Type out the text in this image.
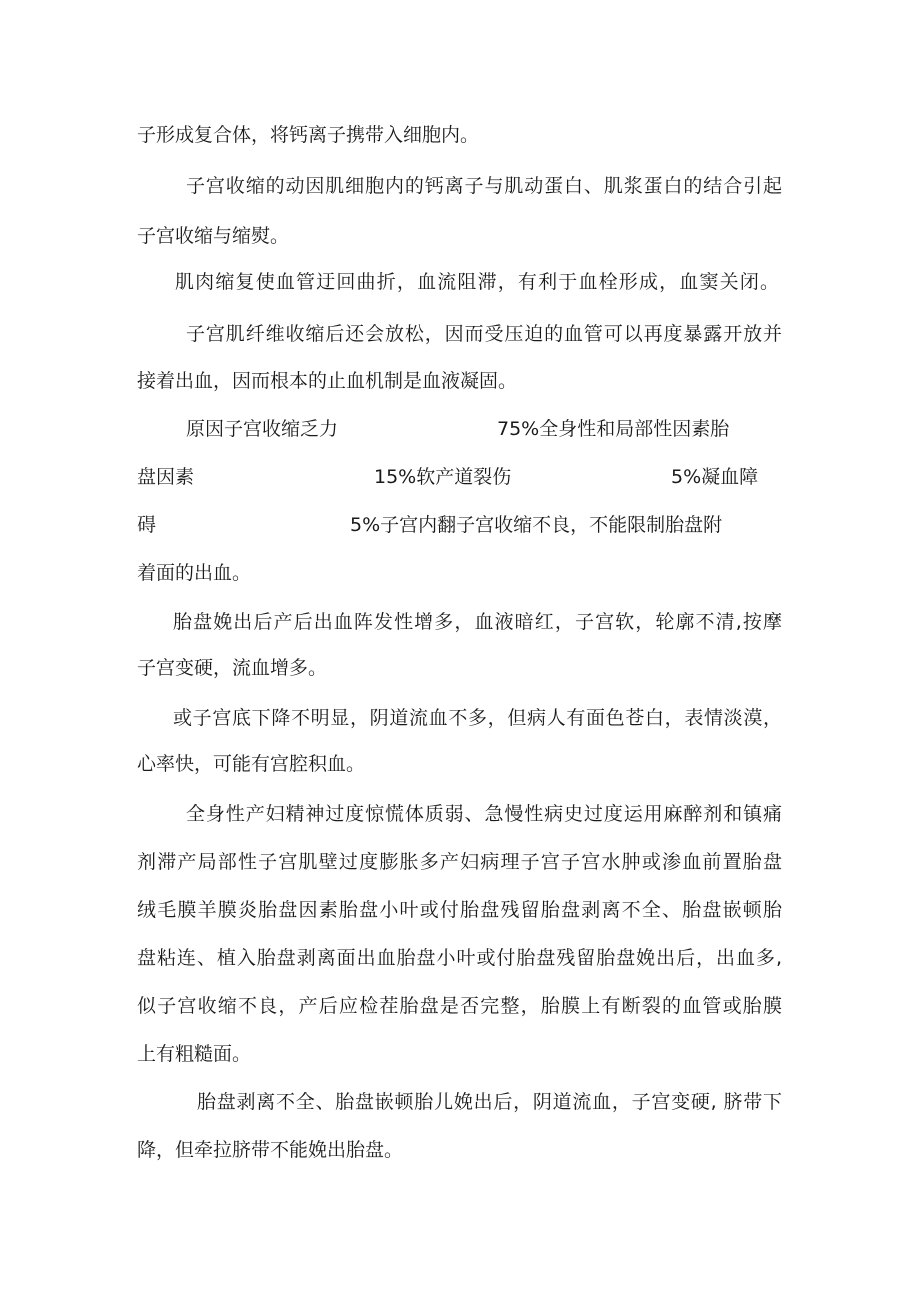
子形成复合体，将钙离子携带入细胞内。
子宫收缩的动因肌细胞内的钙离子与肌动蛋白、肌浆蛋白的结合引起
子宫收缩与缩熨。
肌肉缩复使血管迂回曲折，血流阻滞，有利于血栓形成，血窦关闭。
子宫肌纤维收缩后还会放松，因而受压迫的血管可以再度暴露开放并
接着出血，因而根本的止血机制是血液凝固。
原因子宫收缩乏力	75%全身性和局部性因素胎
盘因素	15%软产道裂伤	5%凝血障
碍	5%子宫内翻子宫收缩不良，不能限制胎盘附
着面的出血。
胎盘娩出后产后出血阵发性增多，血液暗红，子宫软，轮廓不清,按摩
子宫变硬，流血增多。
或子宫底下降不明显，阴道流血不多，但病人有面色苍白，表情淡漠，
心率快，可能有宫腔积血。
全身性产妇精神过度惊慌体质弱、急慢性病史过度运用麻醉剂和镇痛
剂滞产局部性子宫肌壁过度膨胀多产妇病理子宫子宫水肿或渗血前置胎盘
绒毛膜羊膜炎胎盘因素胎盘小叶或付胎盘残留胎盘剥离不全、胎盘嵌顿胎
盘粘连、植入胎盘剥离面出血胎盘小叶或付胎盘残留胎盘娩出后，出血多,
似子宫收缩不良，产后应检茬胎盘是否完整，胎膜上有断裂的血管或胎膜
上有粗糙面。
胎盘剥离不全、胎盘嵌顿胎儿娩出后，阴道流血，子宫变硬, 脐带下
降，但牵拉脐带不能娩出胎盘。
